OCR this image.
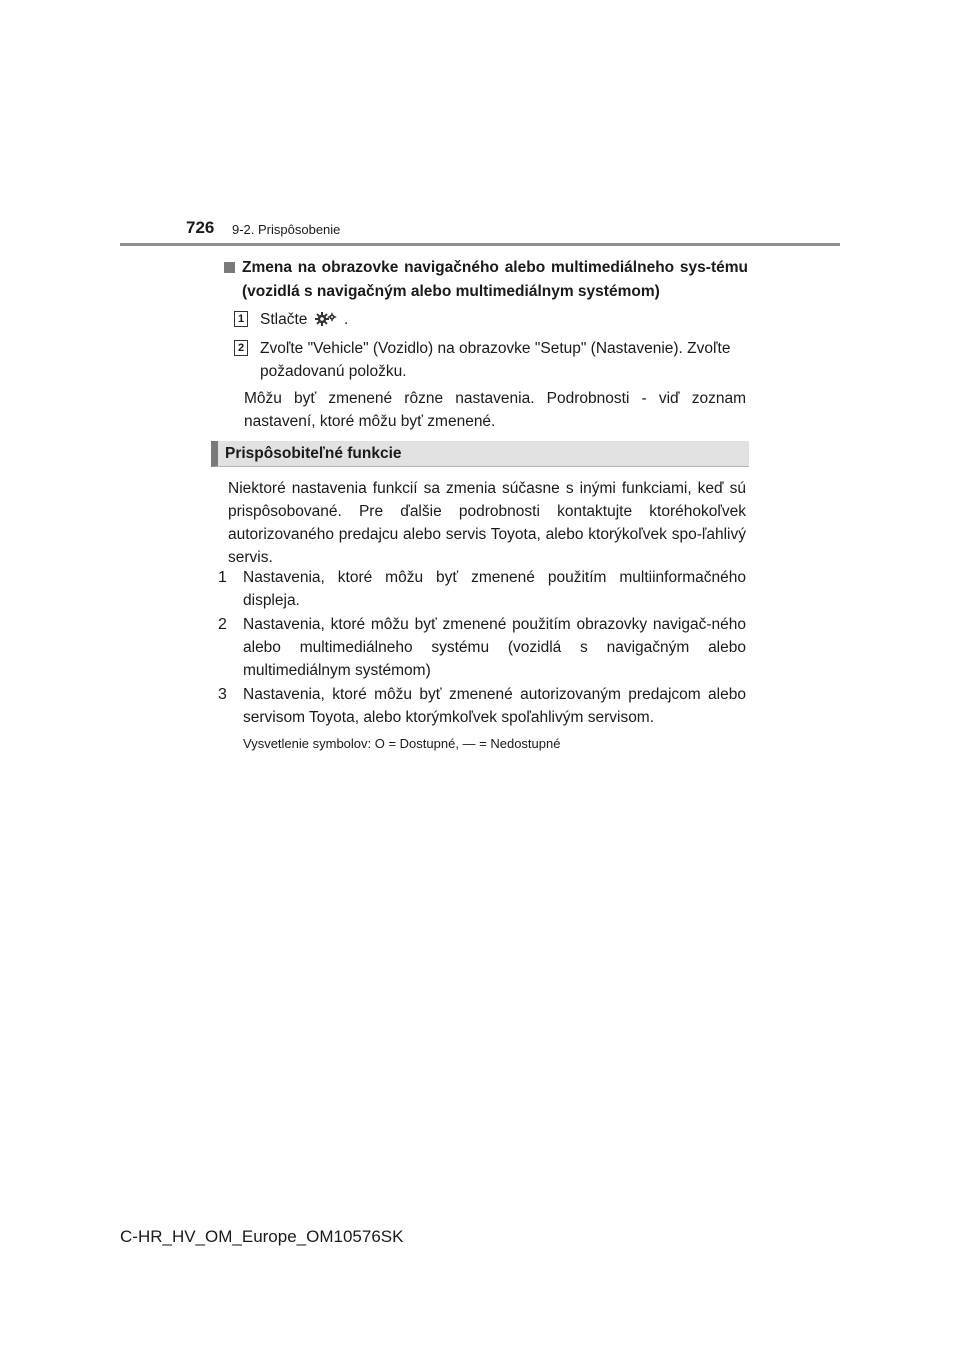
726 9-2. Prispôsobenie
Zmena na obrazovke navigačného alebo multimediálneho sys-tému (vozidlá s navigačným alebo multimediálnym systémom)
1	Stlačte .
2	Zvoľte "Vehicle" (Vozidlo) na obrazovke "Setup" (Nastavenie). Zvoľte požadovanú položku.
Môžu byť zmenené rôzne nastavenia. Podrobnosti - viď zoznam nastavení, ktoré môžu byť zmenené.
Prispôsobiteľné funkcie
Niektoré nastavenia funkcií sa zmenia súčasne s inými funkciami, keď sú prispôsobované. Pre ďalšie podrobnosti kontaktujte ktoréhokoľvek autorizovaného predajcu alebo servis Toyota, alebo ktorýkoľvek spo-ľahlivý servis.
1	Nastavenia, ktoré môžu byť zmenené použitím multiinformačného displeja.
2	Nastavenia, ktoré môžu byť zmenené použitím obrazovky navigač-ného alebo multimediálneho systému (vozidlá s navigačným alebo multimediálnym systémom)
3	Nastavenia, ktoré môžu byť zmenené autorizovaným predajcom alebo servisom Toyota, alebo ktorýmkoľvek spoľahlivým servisom.
Vysvetlenie symbolov: O = Dostupné, — = Nedostupné
C-HR_HV_OM_Europe_OM10576SK
